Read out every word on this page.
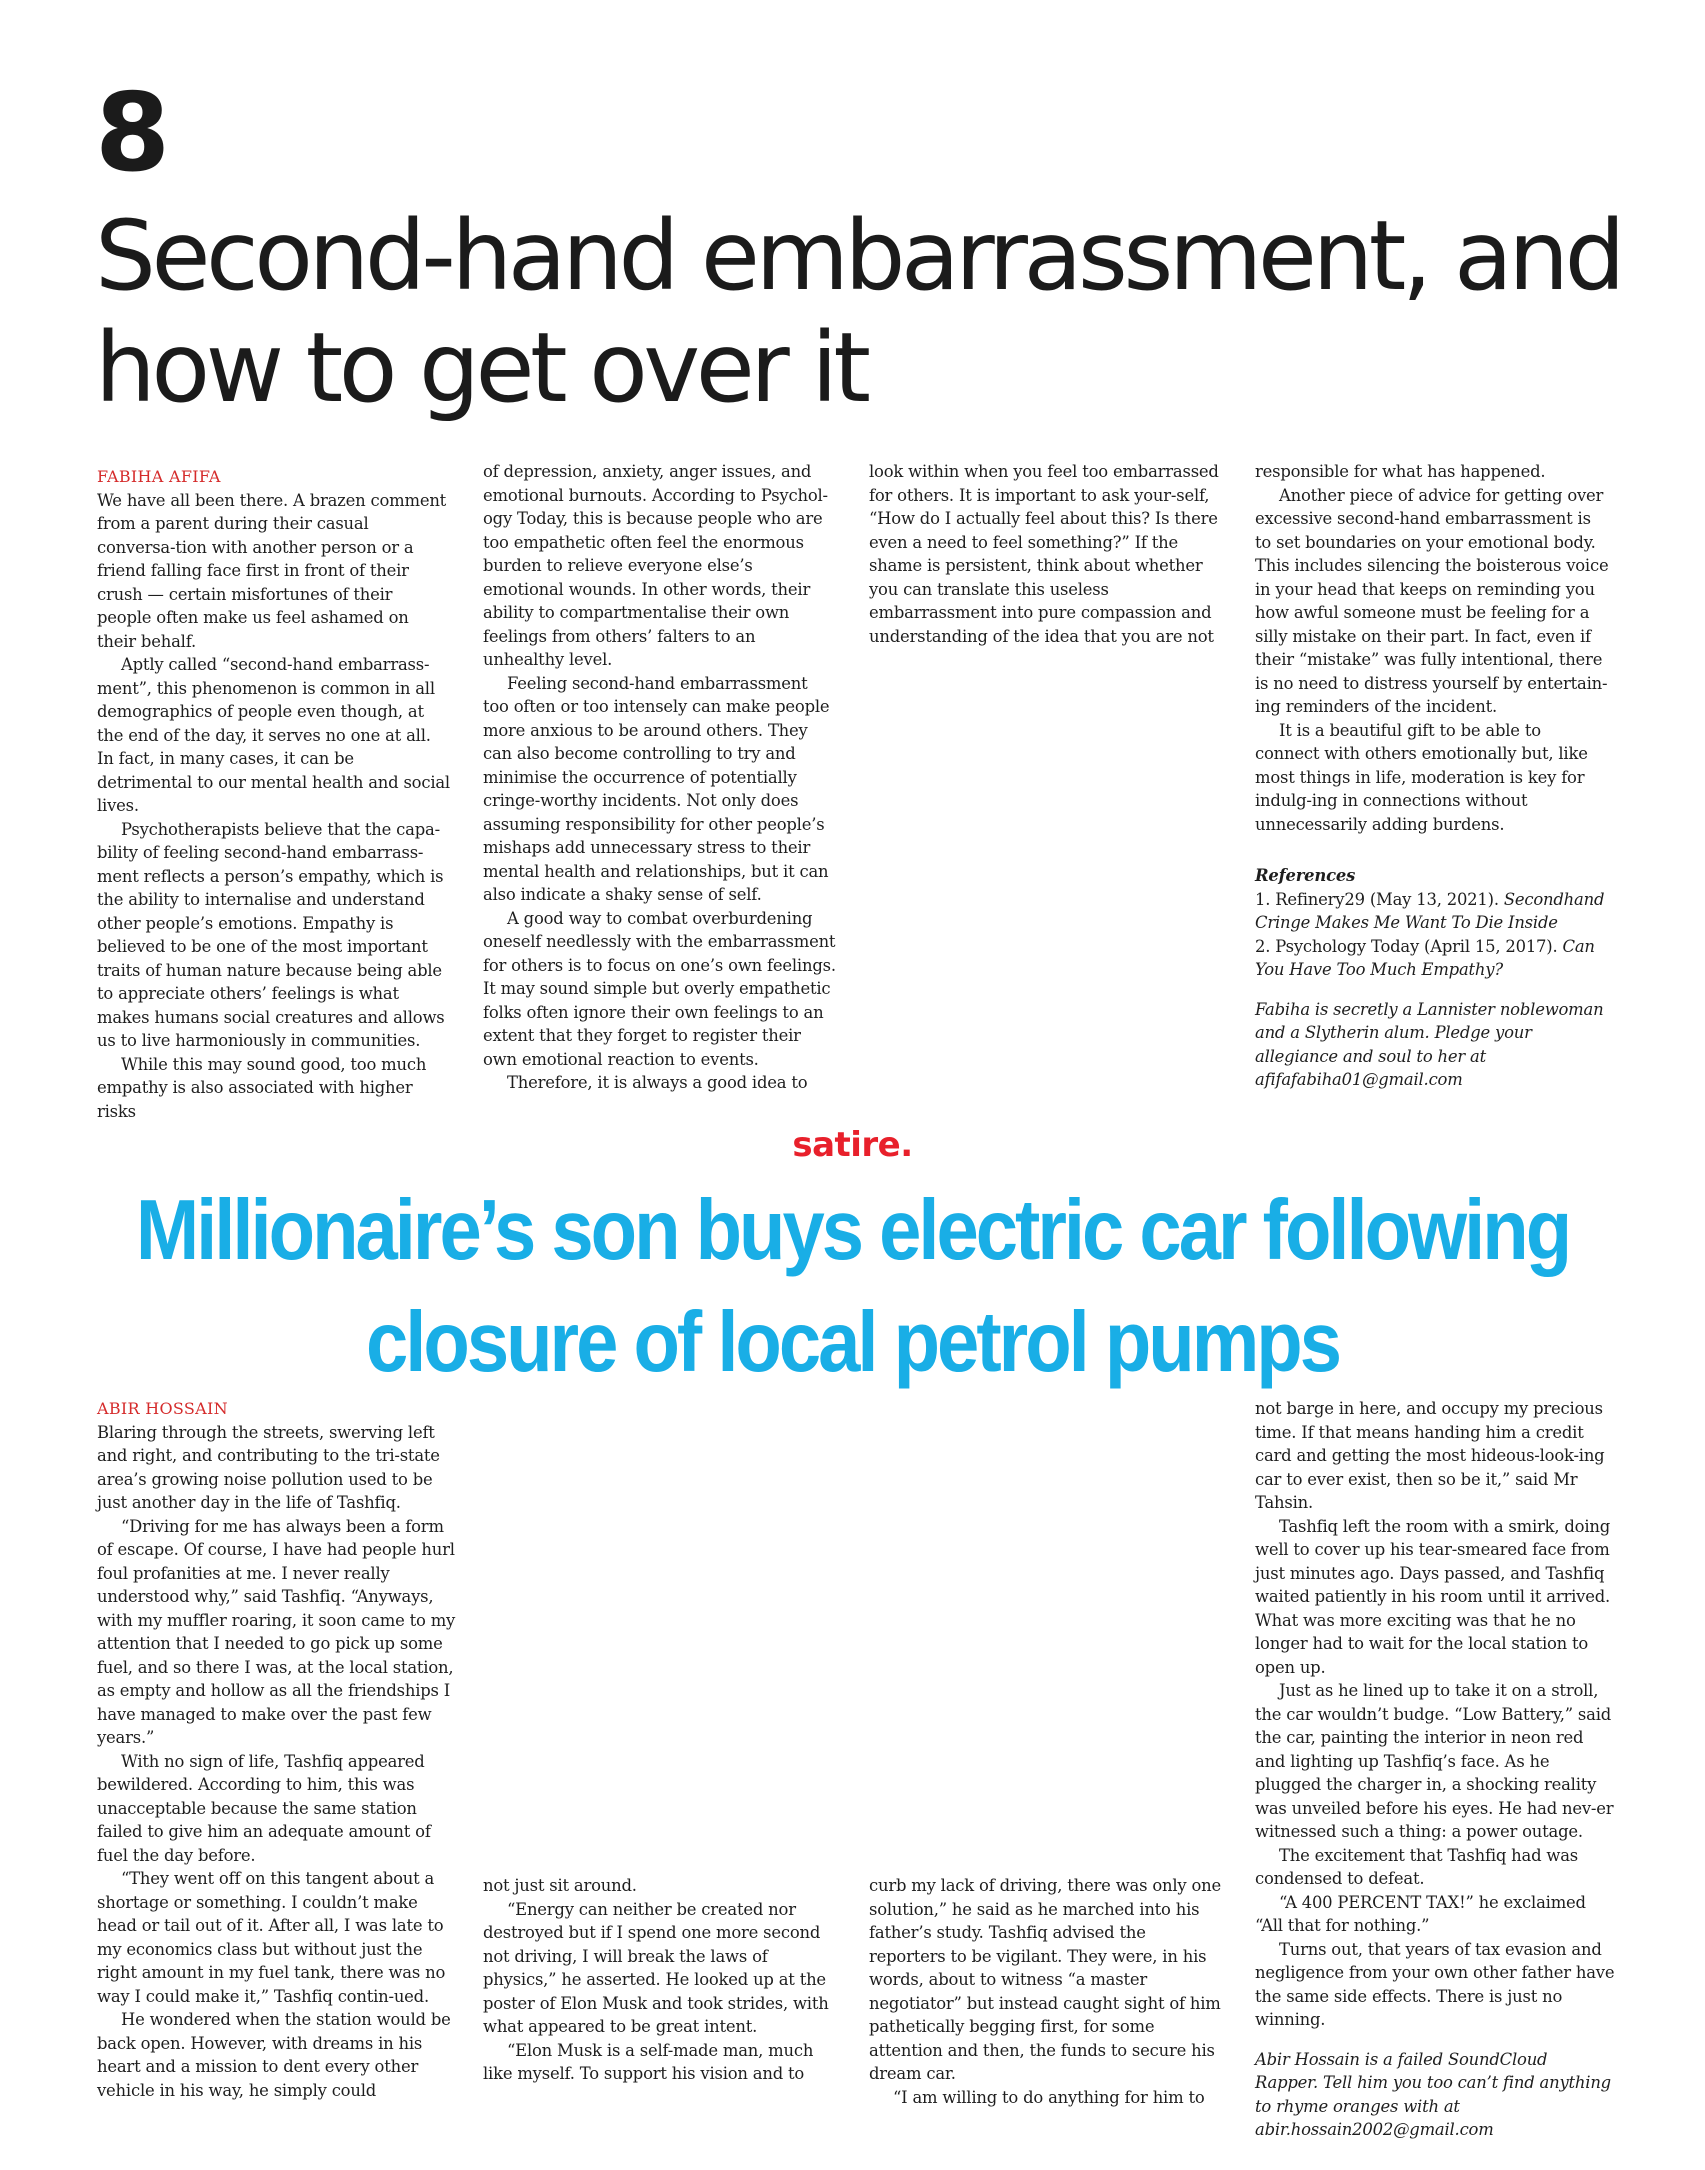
8
Second-hand embarrassment, and how to get over it

FABIHA AFIFA

We have all been there. A brazen comment from a parent during their casual conversa-tion with another person or a friend falling face first in front of their crush — certain misfortunes of their people often make us feel ashamed on their behalf.

Aptly called “second-hand embarrass-ment”, this phenomenon is common in all demographics of people even though, at the end of the day, it serves no one at all. In fact, in many cases, it can be detrimental to our mental health and social lives.

Psychotherapists believe that the capa-bility of feeling second-hand embarrass-ment reflects a person’s empathy, which is the ability to internalise and understand other people’s emotions. Empathy is believed to be one of the most important traits of human nature because being able to appreciate others’ feelings is what makes humans social creatures and allows us to live harmoniously in communities.

While this may sound good, too much empathy is also associated with higher risks

of depression, anxiety, anger issues, and emotional burnouts. According to Psychol-ogy Today, this is because people who are too empathetic often feel the enormous burden to relieve everyone else’s emotional wounds. In other words, their ability to compartmentalise their own feelings from others’ falters to an unhealthy level.

Feeling second-hand embarrassment too often or too intensely can make people more anxious to be around others. They can also become controlling to try and minimise the occurrence of potentially cringe-worthy incidents. Not only does assuming responsibility for other people’s mishaps add unnecessary stress to their mental health and relationships, but it can also indicate a shaky sense of self.

A good way to combat overburdening oneself needlessly with the embarrassment for others is to focus on one’s own feelings. It may sound simple but overly empathetic folks often ignore their own feelings to an extent that they forget to register their own emotional reaction to events.

Therefore, it is always a good idea to

look within when you feel too embarrassed for others. It is important to ask your-self, “How do I actually feel about this? Is there even a need to feel something?” If the shame is persistent, think about whether you can translate this useless embarrassment into pure compassion and understanding of the idea that you are not

responsible for what has happened.

Another piece of advice for getting over excessive second-hand embarrassment is to set boundaries on your emotional body. This includes silencing the boisterous voice in your head that keeps on reminding you how awful someone must be feeling for a silly mistake on their part. In fact, even if their “mistake” was fully intentional, there is no need to distress yourself by entertain-ing reminders of the incident.

It is a beautiful gift to be able to connect with others emotionally but, like most things in life, moderation is key for indulg-ing in connections without unnecessarily adding burdens.

References

1. Refinery29 (May 13, 2021). Secondhand Cringe Makes Me Want To Die Inside

2. Psychology Today (April 15, 2017). Can You Have Too Much Empathy?

Fabiha is secretly a Lannister noblewoman and a Slytherin alum. Pledge your allegiance and soul to her at afifafabiha01@gmail.com

satire.
Millionaire’s son buys electric car following
closure of local petrol pumps

ABIR HOSSAIN

Blaring through the streets, swerving left and right, and contributing to the tri-state area’s growing noise pollution used to be just another day in the life of Tashfiq.

“Driving for me has always been a form of escape. Of course, I have had people hurl foul profanities at me. I never really understood why,” said Tashfiq. “Anyways, with my muffler roaring, it soon came to my attention that I needed to go pick up some fuel, and so there I was, at the local station, as empty and hollow as all the friendships I have managed to make over the past few years.”

With no sign of life, Tashfiq appeared bewildered. According to him, this was unacceptable because the same station failed to give him an adequate amount of fuel the day before.

“They went off on this tangent about a shortage or something. I couldn’t make head or tail out of it. After all, I was late to my economics class but without just the right amount in my fuel tank, there was no way I could make it,” Tashfiq contin-ued.

He wondered when the station would be back open. However, with dreams in his heart and a mission to dent every other vehicle in his way, he simply could

not just sit around.

“Energy can neither be created nor destroyed but if I spend one more second not driving, I will break the laws of physics,” he asserted. He looked up at the poster of Elon Musk and took strides, with what appeared to be great intent.

“Elon Musk is a self-made man, much like myself. To support his vision and to

curb my lack of driving, there was only one solution,” he said as he marched into his father’s study. Tashfiq advised the reporters to be vigilant. They were, in his words, about to witness “a master negotiator” but instead caught sight of him pathetically begging first, for some attention and then, the funds to secure his dream car.

“I am willing to do anything for him to

not barge in here, and occupy my precious time. If that means handing him a credit card and getting the most hideous-look-ing car to ever exist, then so be it,” said Mr Tahsin.

Tashfiq left the room with a smirk, doing well to cover up his tear-smeared face from just minutes ago. Days passed, and Tashfiq waited patiently in his room until it arrived. What was more exciting was that he no longer had to wait for the local station to open up.

Just as he lined up to take it on a stroll, the car wouldn’t budge. “Low Battery,” said the car, painting the interior in neon red and lighting up Tashfiq’s face. As he plugged the charger in, a shocking reality was unveiled before his eyes. He had nev-er witnessed such a thing: a power outage.

The excitement that Tashfiq had was condensed to defeat.

“A 400 PERCENT TAX!” he exclaimed “All that for nothing.”

Turns out, that years of tax evasion and negligence from your own other father have the same side effects. There is just no winning.

Abir Hossain is a failed SoundCloud Rapper. Tell him you too can’t find anything to rhyme oranges with at abir.hossain2002@gmail.com
